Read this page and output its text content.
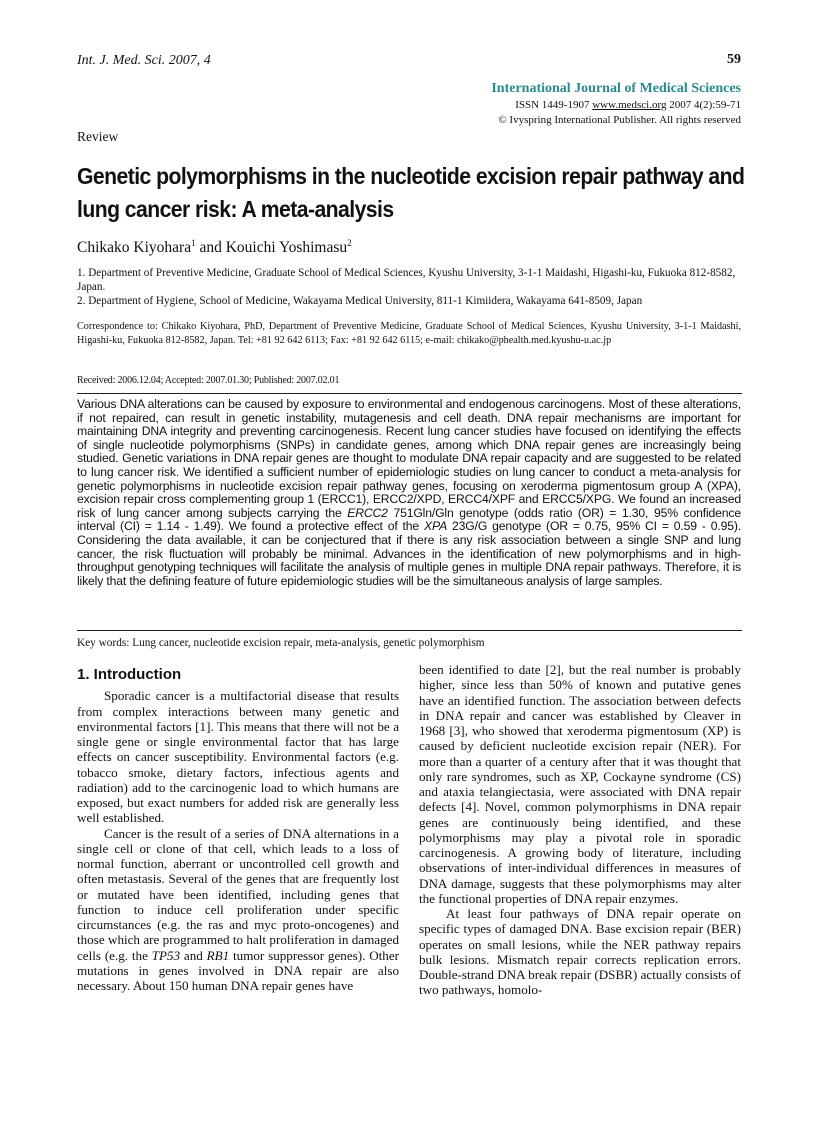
Int. J. Med. Sci. 2007, 4	59
International Journal of Medical Sciences
ISSN 1449-1907 www.medsci.org 2007 4(2):59-71
© Ivyspring International Publisher. All rights reserved
Review
Genetic polymorphisms in the nucleotide excision repair pathway and lung cancer risk: A meta-analysis
Chikako Kiyohara$^1$ and Kouichi Yoshimasu$^2$
1. Department of Preventive Medicine, Graduate School of Medical Sciences, Kyushu University, 3-1-1 Maidashi, Higashi-ku, Fukuoka 812-8582, Japan.
2. Department of Hygiene, School of Medicine, Wakayama Medical University, 811-1 Kimiidera, Wakayama 641-8509, Japan
Correspondence to: Chikako Kiyohara, PhD, Department of Preventive Medicine, Graduate School of Medical Sciences, Kyushu University, 3-1-1 Maidashi, Higashi-ku, Fukuoka 812-8582, Japan. Tel: +81 92 642 6113; Fax: +81 92 642 6115; e-mail: chikako@phealth.med.kyushu-u.ac.jp
Received: 2006.12.04; Accepted: 2007.01.30; Published: 2007.02.01
Various DNA alterations can be caused by exposure to environmental and endogenous carcinogens. Most of these alterations, if not repaired, can result in genetic instability, mutagenesis and cell death. DNA repair mechanisms are important for maintaining DNA integrity and preventing carcinogenesis. Recent lung cancer studies have focused on identifying the effects of single nucleotide polymorphisms (SNPs) in candidate genes, among which DNA repair genes are increasingly being studied. Genetic variations in DNA repair genes are thought to modulate DNA repair capacity and are suggested to be related to lung cancer risk. We identified a sufficient number of epidemiologic studies on lung cancer to conduct a meta-analysis for genetic polymorphisms in nucleotide excision repair pathway genes, focusing on xeroderma pigmentosum group A (XPA), excision repair cross complementing group 1 (ERCC1), ERCC2/XPD, ERCC4/XPF and ERCC5/XPG. We found an increased risk of lung cancer among subjects carrying the ERCC2 751Gln/Gln genotype (odds ratio (OR) = 1.30, 95% confidence interval (CI) = 1.14 - 1.49). We found a protective effect of the XPA 23G/G genotype (OR = 0.75, 95% CI = 0.59 - 0.95). Considering the data available, it can be conjectured that if there is any risk association between a single SNP and lung cancer, the risk fluctuation will probably be minimal. Advances in the identification of new polymorphisms and in high-throughput genotyping techniques will facilitate the analysis of multiple genes in multiple DNA repair pathways. Therefore, it is likely that the defining feature of future epidemiologic studies will be the simultaneous analysis of large samples.
Key words: Lung cancer, nucleotide excision repair, meta-analysis, genetic polymorphism

1. Introduction

Sporadic cancer is a multifactorial disease that results from complex interactions between many genetic and environmental factors [1]. This means that there will not be a single gene or single environmental factor that has large effects on cancer susceptibility. Environmental factors (e.g. tobacco smoke, dietary factors, infectious agents and radiation) add to the carcinogenic load to which humans are exposed, but exact numbers for added risk are generally less well established.

Cancer is the result of a series of DNA alternations in a single cell or clone of that cell, which leads to a loss of normal function, aberrant or uncontrolled cell growth and often metastasis. Several of the genes that are frequently lost or mutated have been identified, including genes that function to induce cell proliferation under specific circumstances (e.g. the ras and myc proto-oncogenes) and those which are programmed to halt proliferation in damaged cells (e.g. the TP53 and RB1 tumor suppressor genes). Other mutations in genes involved in DNA repair are also necessary. About 150 human DNA repair genes have

been identified to date [2], but the real number is probably higher, since less than 50% of known and putative genes have an identified function. The association between defects in DNA repair and cancer was established by Cleaver in 1968 [3], who showed that xeroderma pigmentosum (XP) is caused by deficient nucleotide excision repair (NER). For more than a quarter of a century after that it was thought that only rare syndromes, such as XP, Cockayne syndrome (CS) and ataxia telangiectasia, were associated with DNA repair defects [4]. Novel, common polymorphisms in DNA repair genes are continuously being identified, and these polymorphisms may play a pivotal role in sporadic carcinogenesis. A growing body of literature, including observations of inter-individual differences in measures of DNA damage, suggests that these polymorphisms may alter the functional properties of DNA repair enzymes.

At least four pathways of DNA repair operate on specific types of damaged DNA. Base excision repair (BER) operates on small lesions, while the NER pathway repairs bulk lesions. Mismatch repair corrects replication errors. Double-strand DNA break repair (DSBR) actually consists of two pathways, homolo-
